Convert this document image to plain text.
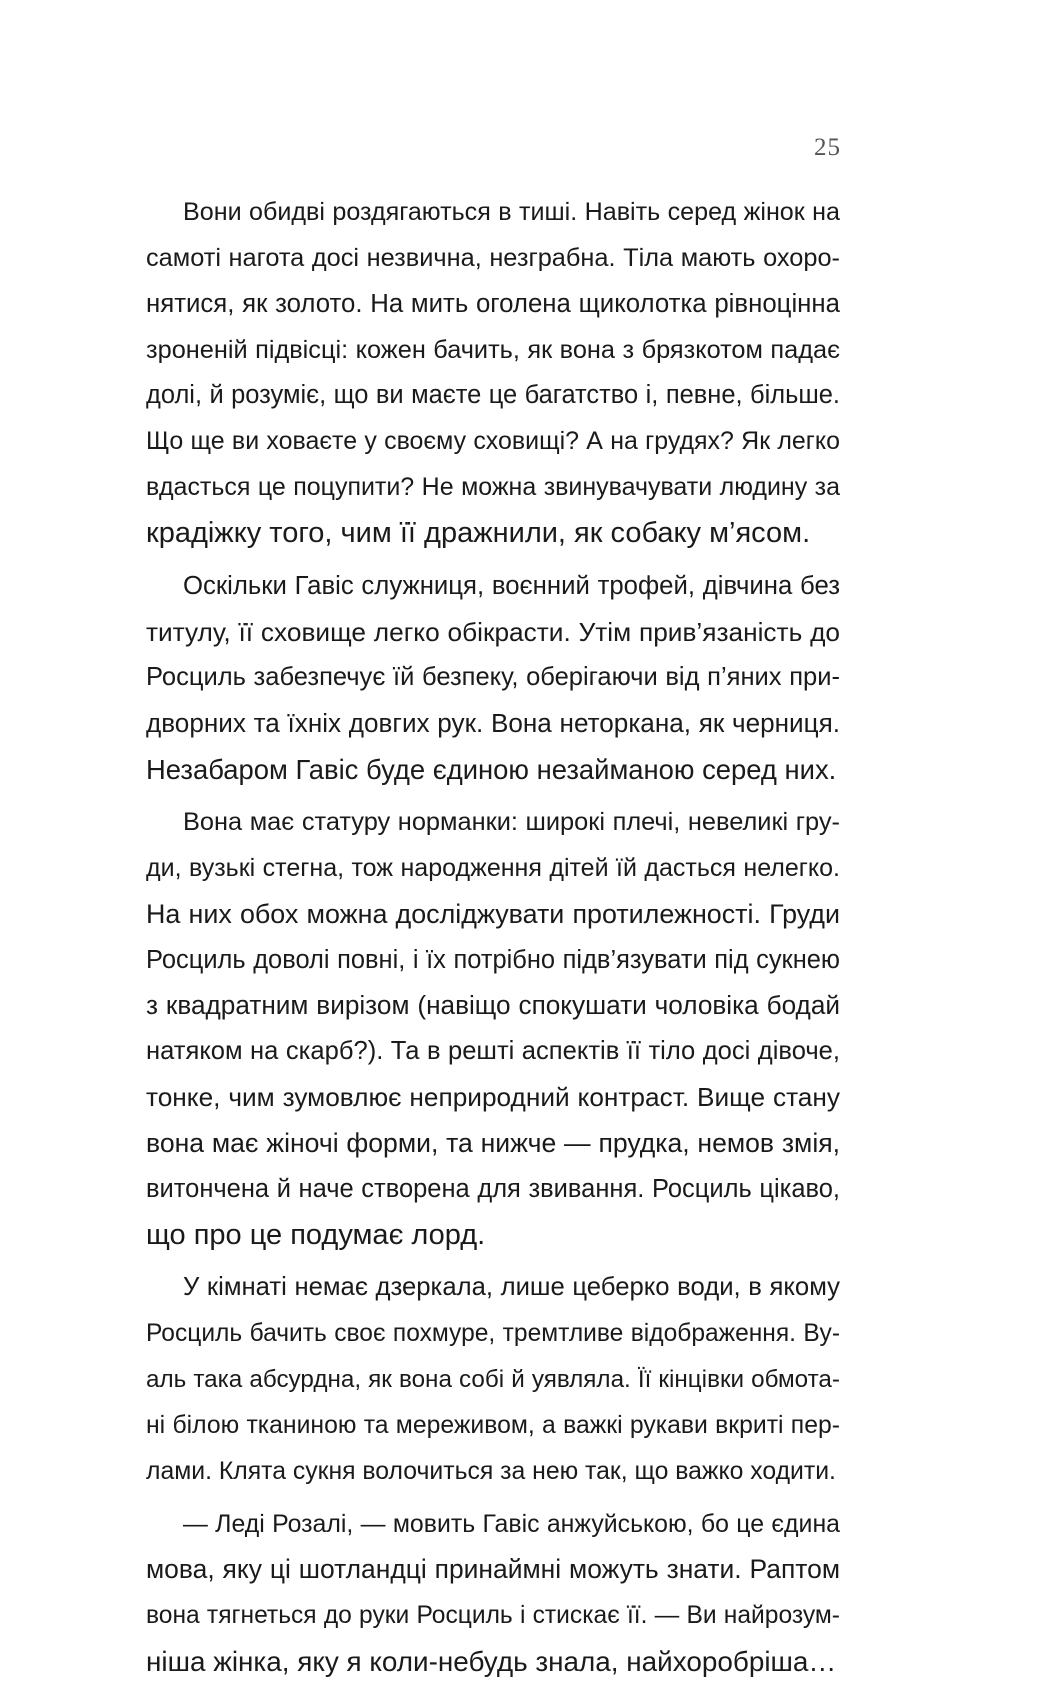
25
Вони обидві роздягаються в тиші. Навіть серед жінок на
самоті нагота досі незвична, незграбна. Тіла мають охоро-
нятися, як золото. На мить оголена щиколотка рівноцінна
зроненій підвісці: кожен бачить, як вона з брязкотом падає
долі, й розуміє, що ви маєте це багатство і, певне, більше.
Що ще ви ховаєте у своєму сховищі? А на грудях? Як легко
вдасться це поцупити? Не можна звинувачувати людину за
крадіжку того, чим її дражнили, як собаку м’ясом.
Оскільки Гавіс служниця, воєнний трофей, дівчина без
титулу, її сховище легко обікрасти. Утім прив’язаність до
Росциль забезпечує їй безпеку, оберігаючи від п’яних при-
дворних та їхніх довгих рук. Вона неторкана, як черниця.
Незабаром Гавіс буде єдиною незайманою серед них.
Вона має статуру норманки: широкі плечі, невеликі гру-
ди, вузькі стегна, тож народження дітей їй дасться нелегко.
На них обох можна досліджувати протилежності. Груди
Росциль доволі повні, і їх потрібно підв’язувати під сукнею
з квадратним вирізом (навіщо спокушати чоловіка бодай
натяком на скарб?). Та в решті аспектів її тіло досі дівоче,
тонке, чим зумовлює неприродний контраст. Вище стану
вона має жіночі форми, та нижче — прудка, немов змія,
витончена й наче створена для звивання. Росциль цікаво,
що про це подумає лорд.
У кімнаті немає дзеркала, лише цеберко води, в якому
Росциль бачить своє похмуре, тремтливе відображення. Ву-
аль така абсурдна, як вона собі й уявляла. Її кінцівки обмота-
ні білою тканиною та мереживом, а важкі рукави вкриті пер-
лами. Клята сукня волочиться за нею так, що важко ходити.
— Леді Розалі, — мовить Гавіс анжуйською, бо це єдина
мова, яку ці шотландці принаймні можуть знати. Раптом
вона тягнеться до руки Росциль і стискає її. — Ви найрозум-
ніша жінка, яку я коли-небудь знала, найхоробріша…
